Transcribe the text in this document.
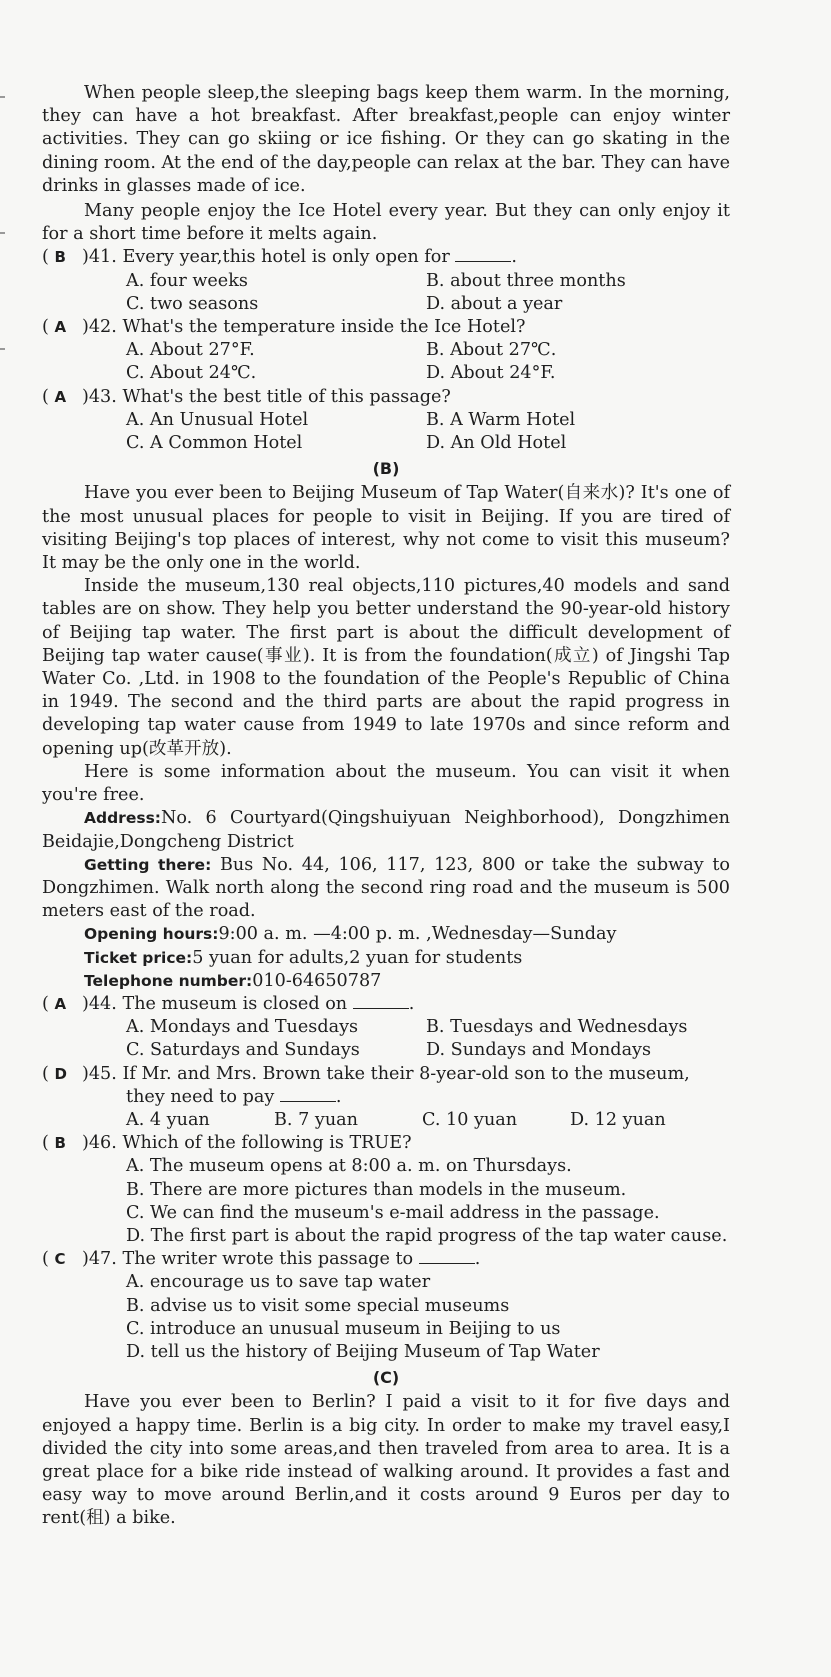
When people sleep,the sleeping bags keep them warm. In the morning, they can have a hot breakfast. After breakfast,people can enjoy winter activities. They can go skiing or ice fishing. Or they can go skating in the dining room. At the end of the day,people can relax at the bar. They can have drinks in glasses made of ice.

Many people enjoy the Ice Hotel every year. But they can only enjoy it for a short time before it melts again.

( B )41. Every year,this hotel is only open for	.
A. four weeks	B. about three months
C. two seasons	D. about a year
( A )42. What's the temperature inside the Ice Hotel?
A. About 27°F.	B. About 27℃.
C. About 24℃.	D. About 24°F.
( A )43. What's the best title of this passage?
A. An Unusual Hotel	B. A Warm Hotel
C. A Common Hotel	D. An Old Hotel
(B)

Have you ever been to Beijing Museum of Tap Water(自来水)? It's one of the most unusual places for people to visit in Beijing. If you are tired of visiting Beijing's top places of interest, why not come to visit this museum? It may be the only one in the world.

Inside the museum,130 real objects,110 pictures,40 models and sand tables are on show. They help you better understand the 90-year-old history of Beijing tap water. The first part is about the difficult development of Beijing tap water cause(事业). It is from the foundation(成立) of Jingshi Tap Water Co. ,Ltd. in 1908 to the foundation of the People's Republic of China in 1949. The second and the third parts are about the rapid progress in developing tap water cause from 1949 to late 1970s and since reform and opening up(改革开放).

Here is some information about the museum. You can visit it when you're free.

Address:No. 6 Courtyard(Qingshuiyuan Neighborhood), Dongzhimen Beidajie,Dongcheng District

Getting there: Bus No. 44, 106, 117, 123, 800 or take the subway to Dongzhimen. Walk north along the second ring road and the museum is 500 meters east of the road.

Opening hours:9:00 a. m. —4:00 p. m. ,Wednesday—Sunday

Ticket price:5 yuan for adults,2 yuan for students

Telephone number:010-64650787

( A )44. The museum is closed on	.
A. Mondays and Tuesdays	B. Tuesdays and Wednesdays
C. Saturdays and Sundays	D. Sundays and Mondays
( D )45. If Mr. and Mrs. Brown take their 8-year-old son to the museum,
they need to pay	.
A. 4 yuan	B. 7 yuan	C. 10 yuan	D. 12 yuan
( B )46. Which of the following is TRUE?
A. The museum opens at 8:00 a. m. on Thursdays.
B. There are more pictures than models in the museum.
C. We can find the museum's e-mail address in the passage.
D. The first part is about the rapid progress of the tap water cause.
( C )47. The writer wrote this passage to	.
A. encourage us to save tap water
B. advise us to visit some special museums
C. introduce an unusual museum in Beijing to us
D. tell us the history of Beijing Museum of Tap Water
(C)

Have you ever been to Berlin? I paid a visit to it for five days and enjoyed a happy time. Berlin is a big city. In order to make my travel easy,I divided the city into some areas,and then traveled from area to area. It is a great place for a bike ride instead of walking around. It provides a fast and easy way to move around Berlin,and it costs around 9 Euros per day to rent(租) a bike.
